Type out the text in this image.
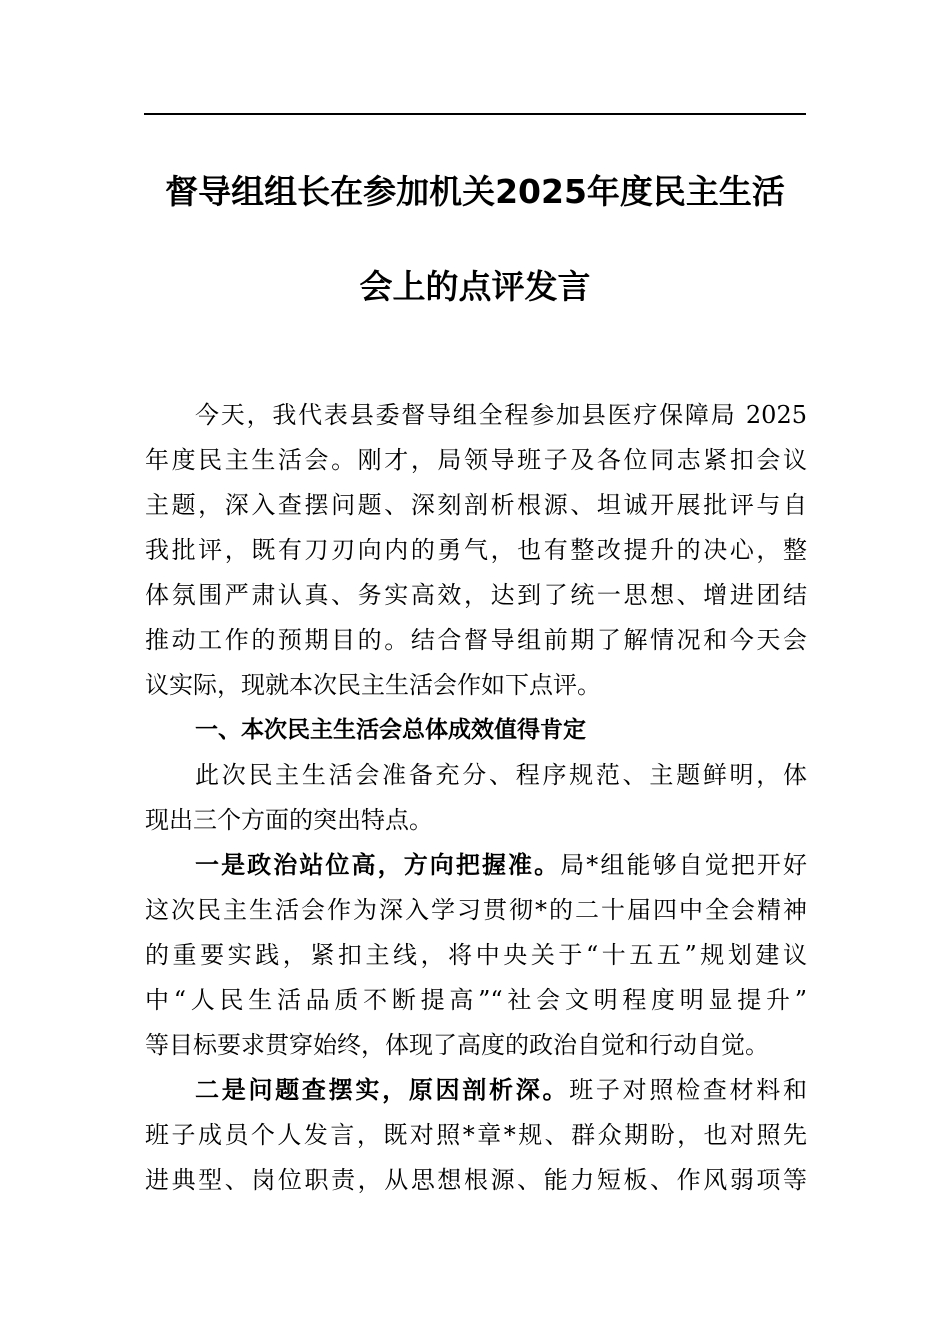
督导组组长在参加机关2025年度民主生活
会上的点评发言
今天，我代表县委督导组全程参加县医疗保障局 2025
年度民主生活会。刚才，局领导班子及各位同志紧扣会议
主题，深入查摆问题、深刻剖析根源、坦诚开展批评与自
我批评，既有刀刃向内的勇气，也有整改提升的决心，整
体氛围严肃认真、务实高效，达到了统一思想、增进团结
推动工作的预期目的。结合督导组前期了解情况和今天会
议实际，现就本次民主生活会作如下点评。
一、本次民主生活会总体成效值得肯定
此次民主生活会准备充分、程序规范、主题鲜明，体
现出三个方面的突出特点。
一是政治站位高，方向把握准。局*组能够自觉把开好
这次民主生活会作为深入学习贯彻*的二十届四中全会精神
的重要实践，紧扣主线，将中央关于“十五五”规划建议
中“人民生活品质不断提高”“社会文明程度明显提升”
等目标要求贯穿始终，体现了高度的政治自觉和行动自觉。
二是问题查摆实，原因剖析深。班子对照检查材料和
班子成员个人发言，既对照*章*规、群众期盼，也对照先
进典型、岗位职责，从思想根源、能力短板、作风弱项等
